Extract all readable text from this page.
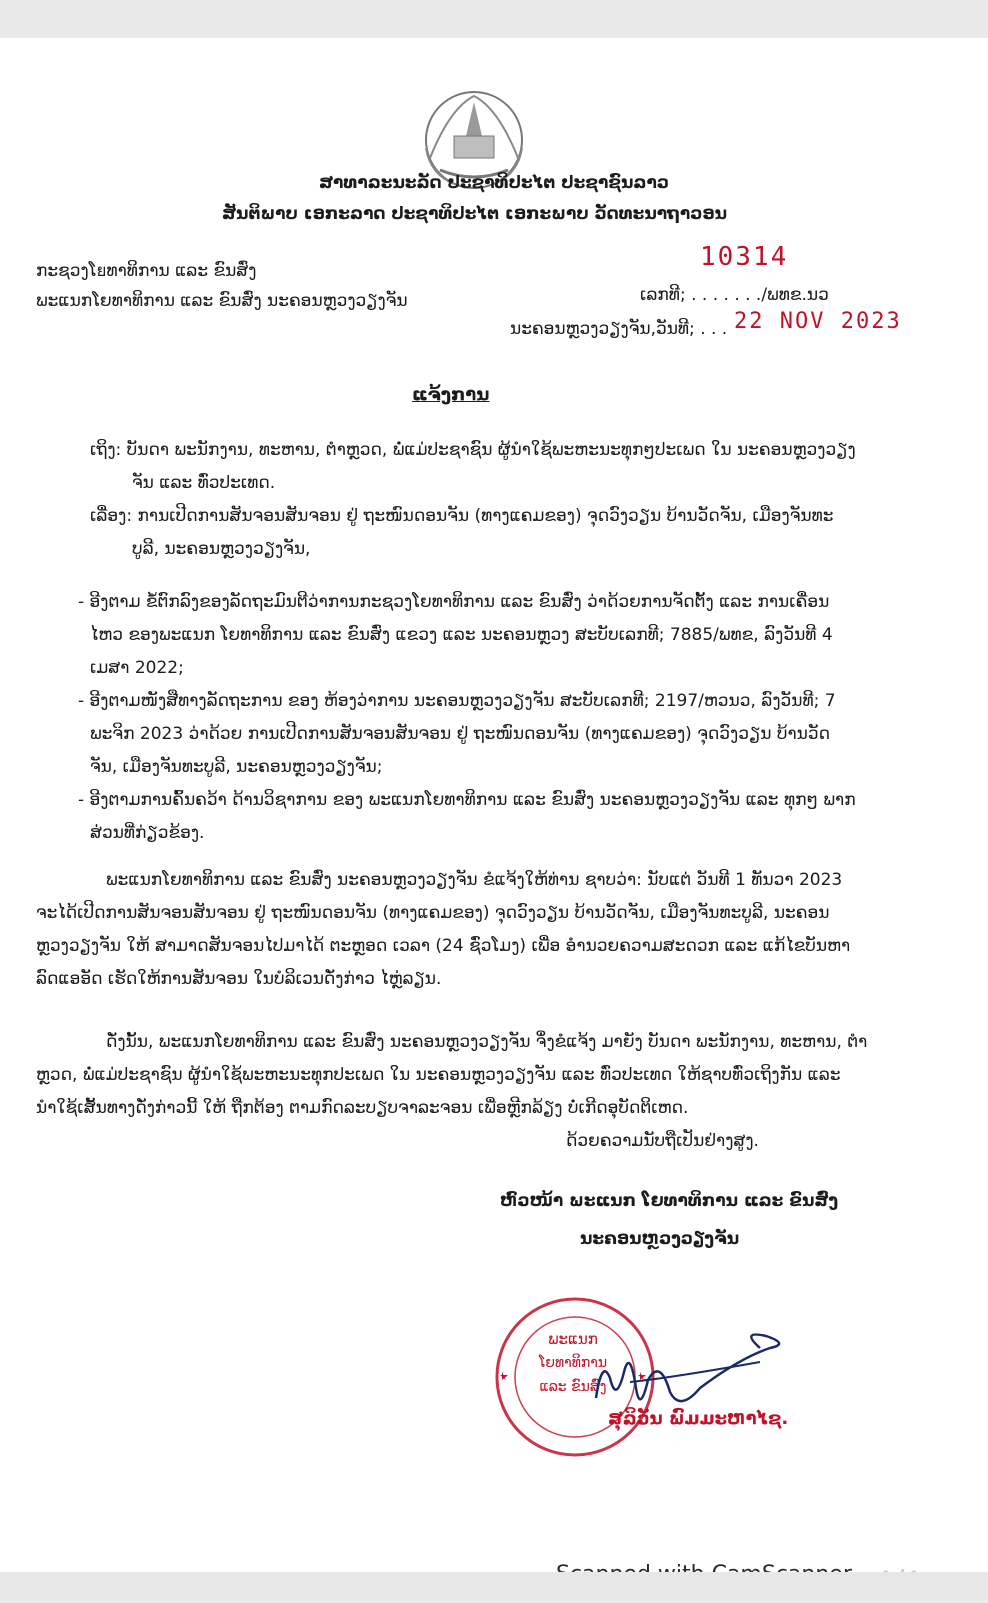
ສາທາລະນະລັດ ປະຊາທິປະໄຕ ປະຊາຊົນລາວ
ສັນຕິພາບ ເອກະລາດ ປະຊາທິປະໄຕ ເອກະພາບ ວັດທະນາຖາວອນ
ກະຊວງໂยທາທິການ ແລະ ຂົນສົ່ງ
ພະແນກໂຍທາທິການ ແລະ ຂົນສົ່ງ ນະຄອນຫຼວງວຽງຈັນ
10314
ເລກທີ; . . . . . . ./ພທຂ.ນວ
ນະຄອນຫຼວງວຽງຈັນ,ວັນທີ; . . . 22 NOV 2023
ແຈ້ງການ
ເຖິງ: ບັນດາ ພະນັກງານ, ທະຫານ, ຕຳຫຼວດ, ພໍ່ແມ່ປະຊາຊົນ ຜູ້ນຳໃຊ້ພະຫະນະທຸກໆປະເພດ ໃນ ນະຄອນຫຼວງວຽງ
ຈັນ ແລະ ທົ່ວປະເທດ.
ເລື່ອງ: ການເປີດການສັນຈອນສັນຈອນ ຢູ່ ຖະໜົນດອນຈັນ (ທາງແຄມຂອງ) ຈຸດວົງວຽນ ບ້ານວັດຈັນ, ເມືອງຈັນທະ
ບູລີ, ນະຄອນຫຼວງວຽງຈັນ,
- ອີງຕາມ ຂໍ້ຕົກລົງຂອງລັດຖະມົນຕີວ່າການກະຊວງໂຍທາທິການ ແລະ ຂົນສົ່ງ ວ່າດ້ວຍການຈັດຕັ້ງ ແລະ ການເຄື່ອນ
ໄຫວ ຂອງພະແນກ ໂຍທາທິການ ແລະ ຂົນສົ່ງ ແຂວງ ແລະ ນະຄອນຫຼວງ ສະບັບເລກທີ; 7885/ພທຂ, ລົງວັນທີ 4
ເມສາ 2022;
- ອີງຕາມໜັງສືທາງລັດຖະການ ຂອງ ຫ້ອງວ່າການ ນະຄອນຫຼວງວຽງຈັນ ສະບັບເລກທີ; 2197/ຫວນວ, ລົງວັນທີ; 7
ພະຈິກ 2023 ວ່າດ້ວຍ ການເປີດການສັນຈອນສັນຈອນ ຢູ່ ຖະໜົນດອນຈັນ (ທາງແຄມຂອງ) ຈຸດວົງວຽນ ບ້ານວັດ
ຈັນ, ເມືອງຈັນທະບູລີ, ນະຄອນຫຼວງວຽງຈັນ;
- ອີງຕາມການຄົ້ນຄວ້າ ດ້ານວິຊາການ ຂອງ ພະແນກໂຍທາທິການ ແລະ ຂົນສົ່ງ ນະຄອນຫຼວງວຽງຈັນ ແລະ ທຸກໆ ພາກ
ສ່ວນທີ່ກ່ຽວຂ້ອງ.
ພະແນກໂຍທາທິການ ແລະ ຂົນສົ່ງ ນະຄອນຫຼວງວຽງຈັນ ຂໍແຈ້ງໃຫ້ທ່ານ ຊາບວ່າ: ນັບແຕ່ ວັນທີ 1 ທັນວາ 2023
ຈະໄດ້ເປີດການສັນຈອນສັນຈອນ ຢູ່ ຖະໜົນດອນຈັນ (ທາງແຄມຂອງ) ຈຸດວົງວຽນ ບ້ານວັດຈັນ, ເມືອງຈັນທະບູລີ, ນະຄອນ
ຫຼວງວຽງຈັນ ໃຫ້ ສາມາດສັນຈອນໄປມາໄດ້ ຕະຫຼອດ ເວລາ (24 ຊົ່ວໂມງ) ເພື່ອ ອຳນວຍຄວາມສະດວກ ແລະ ແກ້ໄຂບັນຫາ
ລົດແອອັດ ເຮັດໃຫ້ການສັນຈອນ ໃນບໍລິເວນດັ່ງກ່າວ ໄຫຼ່ລຽນ.
ດັ່ງນັ້ນ, ພະແນກໂຍທາທິການ ແລະ ຂົນສົ່ງ ນະຄອນຫຼວງວຽງຈັນ ຈຶ່ງຂໍແຈ້ງ ມາຍັງ ບັນດາ ພະນັກງານ, ທະຫານ, ຕຳ
ຫຼວດ, ພໍ່ແມ່ປະຊາຊົນ ຜູ້ນຳໃຊ້ພະຫະນະທຸກປະເພດ ໃນ ນະຄອນຫຼວງວຽງຈັນ ແລະ ທົ່ວປະເທດ ໃຫ້ຊາບທົ່ວເຖິງກັນ ແລະ
ນຳໃຊ້ເສັ້ນທາງດັ່ງກ່າວນີ້ ໃຫ້ ຖືກຕ້ອງ ຕາມກົດລະບຽບຈາລະຈອນ ເພື່ອຫຼີກລ້ຽງ ບໍ່ເກີດອຸບັດຕິເຫດ.
ດ້ວຍຄວາມນັບຖືເປັນຢ່າງສູງ.
ຫົວໜ້າ ພະແນກ ໂຍທາທິການ ແລະ ຂົນສົ່ງ
ນະຄອນຫຼວງວຽງຈັນ
ພະແນກ
ໂຍທາທິການ
ແລະ ຂົນສົ່ງ
ສຸລິວັນ ພົມມະຫາໄຊ.
